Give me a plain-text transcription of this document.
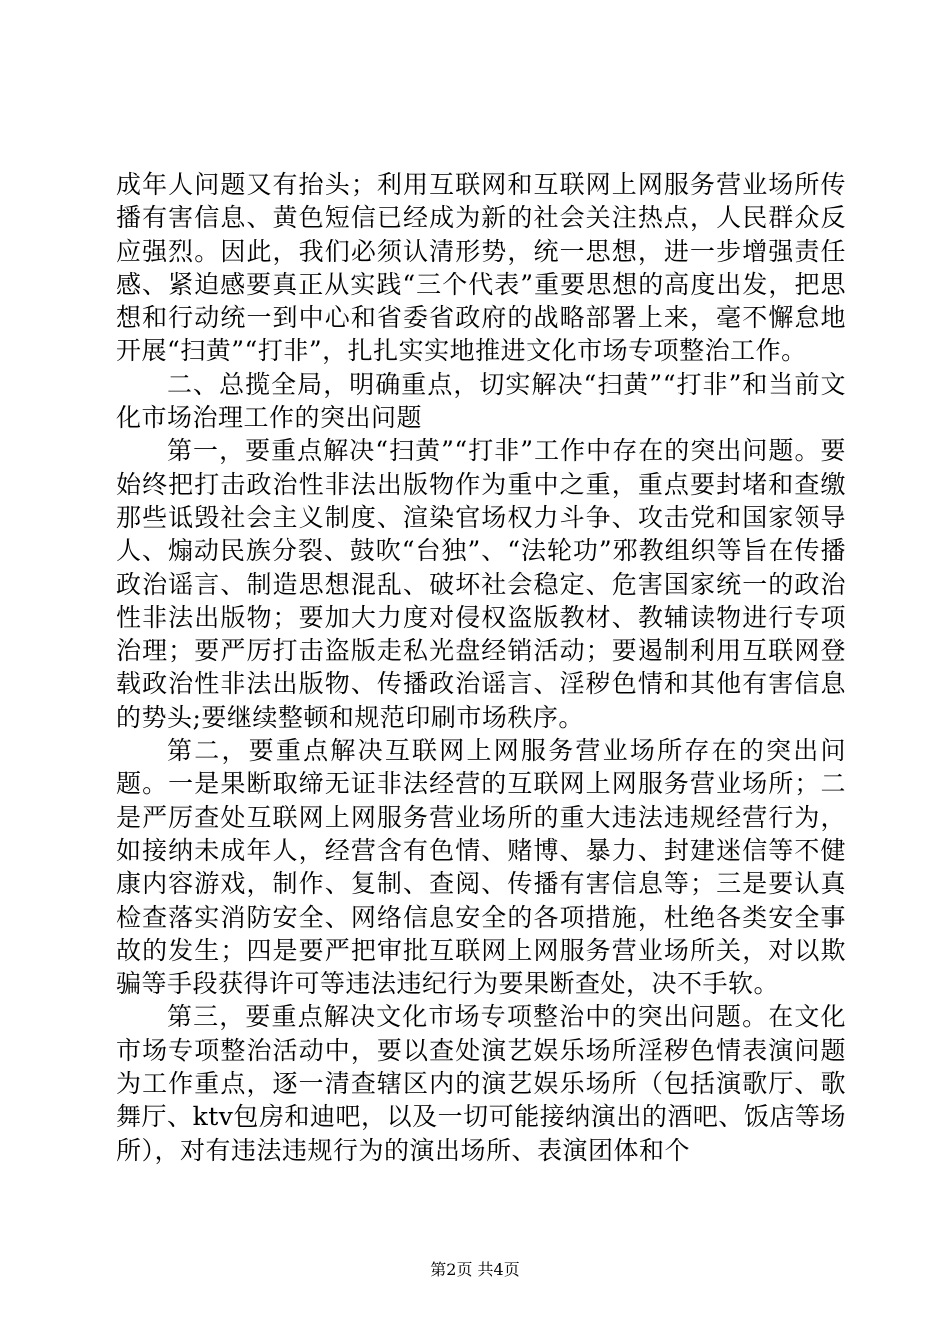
成年人问题又有抬头；利用互联网和互联网上网服务营业场所传播有害信息、黄色短信已经成为新的社会关注热点，人民群众反应强烈。因此，我们必须认清形势，统一思想，进一步增强责任感、紧迫感要真正从实践“三个代表”重要思想的高度出发，把思想和行动统一到中心和省委省政府的战略部署上来，毫不懈怠地开展“扫黄”“打非”，扎扎实实地推进文化市场专项整治工作。

二、总揽全局，明确重点，切实解决“扫黄”“打非”和当前文化市场治理工作的突出问题

第一，要重点解决“扫黄”“打非”工作中存在的突出问题。要始终把打击政治性非法出版物作为重中之重，重点要封堵和查缴那些诋毁社会主义制度、渲染官场权力斗争、攻击党和国家领导人、煽动民族分裂、鼓吹“台独”、“法轮功”邪教组织等旨在传播政治谣言、制造思想混乱、破坏社会稳定、危害国家统一的政治性非法出版物；要加大力度对侵权盗版教材、教辅读物进行专项治理；要严厉打击盗版走私光盘经销活动；要遏制利用互联网登载政治性非法出版物、传播政治谣言、淫秽色情和其他有害信息的势头;要继续整顿和规范印刷市场秩序。

第二，要重点解决互联网上网服务营业场所存在的突出问题。一是果断取缔无证非法经营的互联网上网服务营业场所；二是严厉查处互联网上网服务营业场所的重大违法违规经营行为，如接纳未成年人，经营含有色情、赌博、暴力、封建迷信等不健康内容游戏，制作、复制、查阅、传播有害信息等；三是要认真检查落实消防安全、网络信息安全的各项措施，杜绝各类安全事故的发生；四是要严把审批互联网上网服务营业场所关，对以欺骗等手段获得许可等违法违纪行为要果断查处，决不手软。

第三，要重点解决文化市场专项整治中的突出问题。在文化市场专项整治活动中，要以查处演艺娱乐场所淫秽色情表演问题为工作重点，逐一清查辖区内的演艺娱乐场所（包括演歌厅、歌舞厅、ktv包房和迪吧，以及一切可能接纳演出的酒吧、饭店等场所），对有违法违规行为的演出场所、表演团体和个

第2页 共4页
